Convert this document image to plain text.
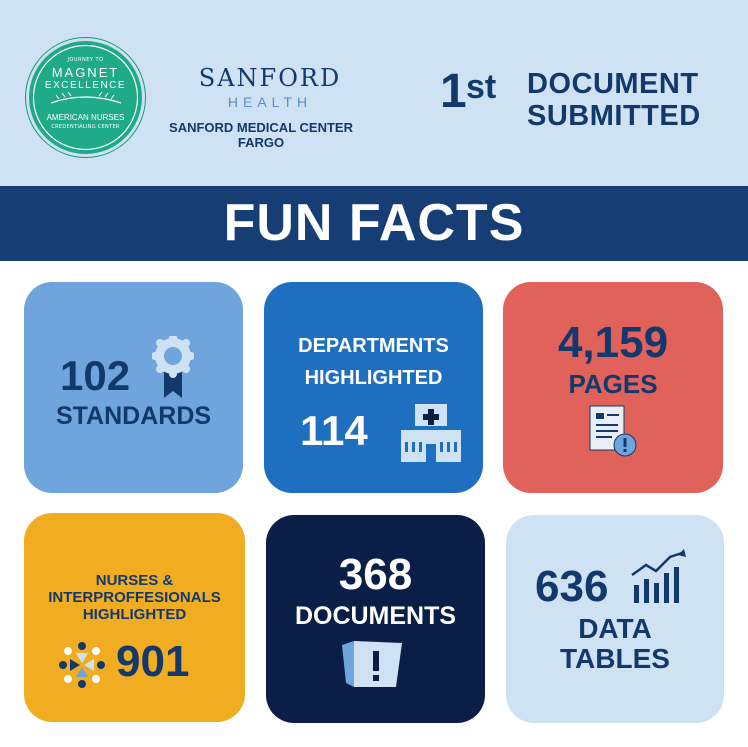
JOURNEY TO
MAGNET
EXCELLENCE
AMERICAN NURSES
CREDENTIALING CENTER
SANFORD
HEALTH
SANFORD MEDICAL CENTER
FARGO
1 st DOCUMENT
SUBMITTED
FUN FACTS
102
STANDARDS
DEPARTMENTS
HIGHLIGHTED
114
4,159
PAGES
NURSES &
INTERPROFFESIONALS
HIGHLIGHTED
901
368
DOCUMENTS
636
DATA
TABLES
